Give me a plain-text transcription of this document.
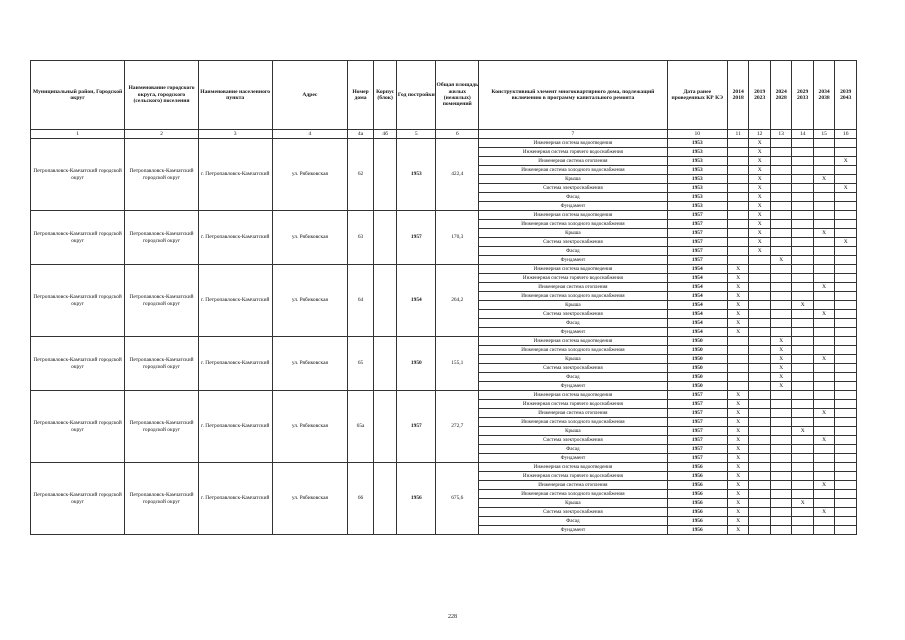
Муниципальный район, Городской округ	Наименование городского округа, городского (сельского) поселения	Наименование населенного пункта	Адрес	Номер дома	Корпус (блок)	Год постройки	Общая площадь жилых (нежилых) помещений	Конструктивный элемент многоквартирного дома, подлежащий включению в программу капитального ремонта	Дата ранее проведенных КР КЭ	2014 2018	2019 2023	2024 2028	2029 2033	2034 2038	2039 2043
1	2	3	4	4а	4б	5	6	7	10	11	12	13	14	15	16
Петропавловск-Камчатский городской округ	Петропавловск-Камчатский городской округ	г. Петропавловск-Камчатский	ул. Рябиковская	62		1953	422,4	Инженерная система водоотведения	1953		X				
								Инженерная система горячего водоснабжения	1953		X				
								Инженерная система отопления	1953		X				X
								Инженерная система холодного водоснабжения	1953		X				
								Крыша	1953		X			X	
								Система электроснабжения	1953		X				X
								Фасад	1953		X				
								Фундамент	1953		X				
Петропавловск-Камчатский городской округ	Петропавловск-Камчатский городской округ	г. Петропавловск-Камчатский	ул. Рябиковская	63		1957	170,3	Инженерная система водоотведения	1957		X				
								Инженерная система холодного водоснабжения	1957		X				
								Крыша	1957		X			X	
								Система электроснабжения	1957		X				X
								Фасад	1957		X				
								Фундамент	1957			X			
Петропавловск-Камчатский городской округ	Петропавловск-Камчатский городской округ	г. Петропавловск-Камчатский	ул. Рябиковская	64		1954	264,2	Инженерная система водоотведения	1954	X					
								Инженерная система горячего водоснабжения	1954	X					
								Инженерная система отопления	1954	X				X	
								Инженерная система холодного водоснабжения	1954	X					
								Крыша	1954	X			X		
								Система электроснабжения	1954	X				X	
								Фасад	1954	X					
								Фундамент	1954	X					
Петропавловск-Камчатский городской округ	Петропавловск-Камчатский городской округ	г. Петропавловск-Камчатский	ул. Рябиковская	65		1950	155,1	Инженерная система водоотведения	1950			X			
								Инженерная система холодного водоснабжения	1950			X			
								Крыша	1950			X		X	
								Система электроснабжения	1950			X			
								Фасад	1950			X			
								Фундамент	1950			X			
Петропавловск-Камчатский городской округ	Петропавловск-Камчатский городской округ	г. Петропавловск-Камчатский	ул. Рябиковская	65а		1957	272,7	Инженерная система водоотведения	1957	X					
								Инженерная система горячего водоснабжения	1957	X					
								Инженерная система отопления	1957	X				X	
								Инженерная система холодного водоснабжения	1957	X					
								Крыша	1957	X			X		
								Система электроснабжения	1957	X				X	
								Фасад	1957	X					
								Фундамент	1957	X					
Петропавловск-Камчатский городской округ	Петропавловск-Камчатский городской округ	г. Петропавловск-Камчатский	ул. Рябиковская	66		1956	675,6	Инженерная система водоотведения	1956	X					
								Инженерная система горячего водоснабжения	1956	X					
								Инженерная система отопления	1956	X				X	
								Инженерная система холодного водоснабжения	1956	X					
								Крыша	1956	X			X		
								Система электроснабжения	1956	X				X	
								Фасад	1956	X					
								Фундамент	1956	X					
228
